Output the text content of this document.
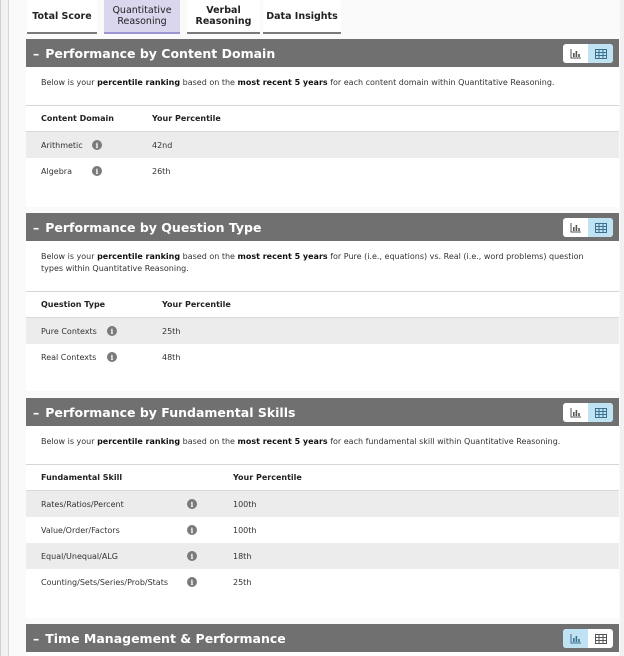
Total Score Quantitative
Reasoning
Verbal
Reasoning Data Insights
– Performance by Content Domain
Below is your percentile ranking based on the most recent 5 years for each content domain within Quantitative Reasoning.
Content Domain	Your Percentile
Arithmetic	i	42nd
Algebra	i	26th
– Performance by Question Type
Below is your percentile ranking based on the most recent 5 years for Pure (i.e., equations) vs. Real (i.e., word problems) question types within Quantitative Reasoning.
Question Type	Your Percentile
Pure Contexts	i	25th
Real Contexts	i	48th
– Performance by Fundamental Skills
Below is your percentile ranking based on the most recent 5 years for each fundamental skill within Quantitative Reasoning.
Fundamental Skill	Your Percentile
Rates/Ratios/Percent	i	100th
Value/Order/Factors	i	100th
Equal/Unequal/ALG	i	18th
Counting/Sets/Series/Prob/Stats	i	25th
– Time Management & Performance
